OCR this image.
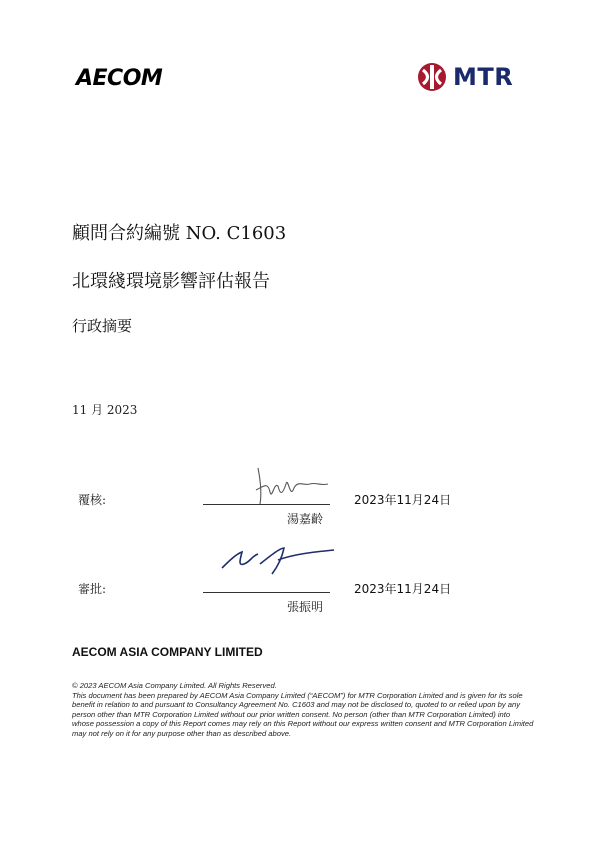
AECOM	MTR
顧問合約編號 NO. C1603
北環綫環境影響評估報告
行政摘要
11 月 2023
覆核:	2023年11月24日
湯嘉齡
審批:	2023年11月24日
張振明
AECOM ASIA COMPANY LIMITED
© 2023 AECOM Asia Company Limited. All Rights Reserved.
This document has been prepared by AECOM Asia Company Limited (“AECOM”) for MTR Corporation Limited and is given for its sole benefit in relation to and pursuant to Consultancy Agreement No. C1603 and may not be disclosed to, quoted to or relied upon by any person other than MTR Corporation Limited without our prior written consent. No person (other than MTR Corporation Limited) into whose possession a copy of this Report comes may rely on this Report without our express written consent and MTR Corporation Limited may not rely on it for any purpose other than as described above.
